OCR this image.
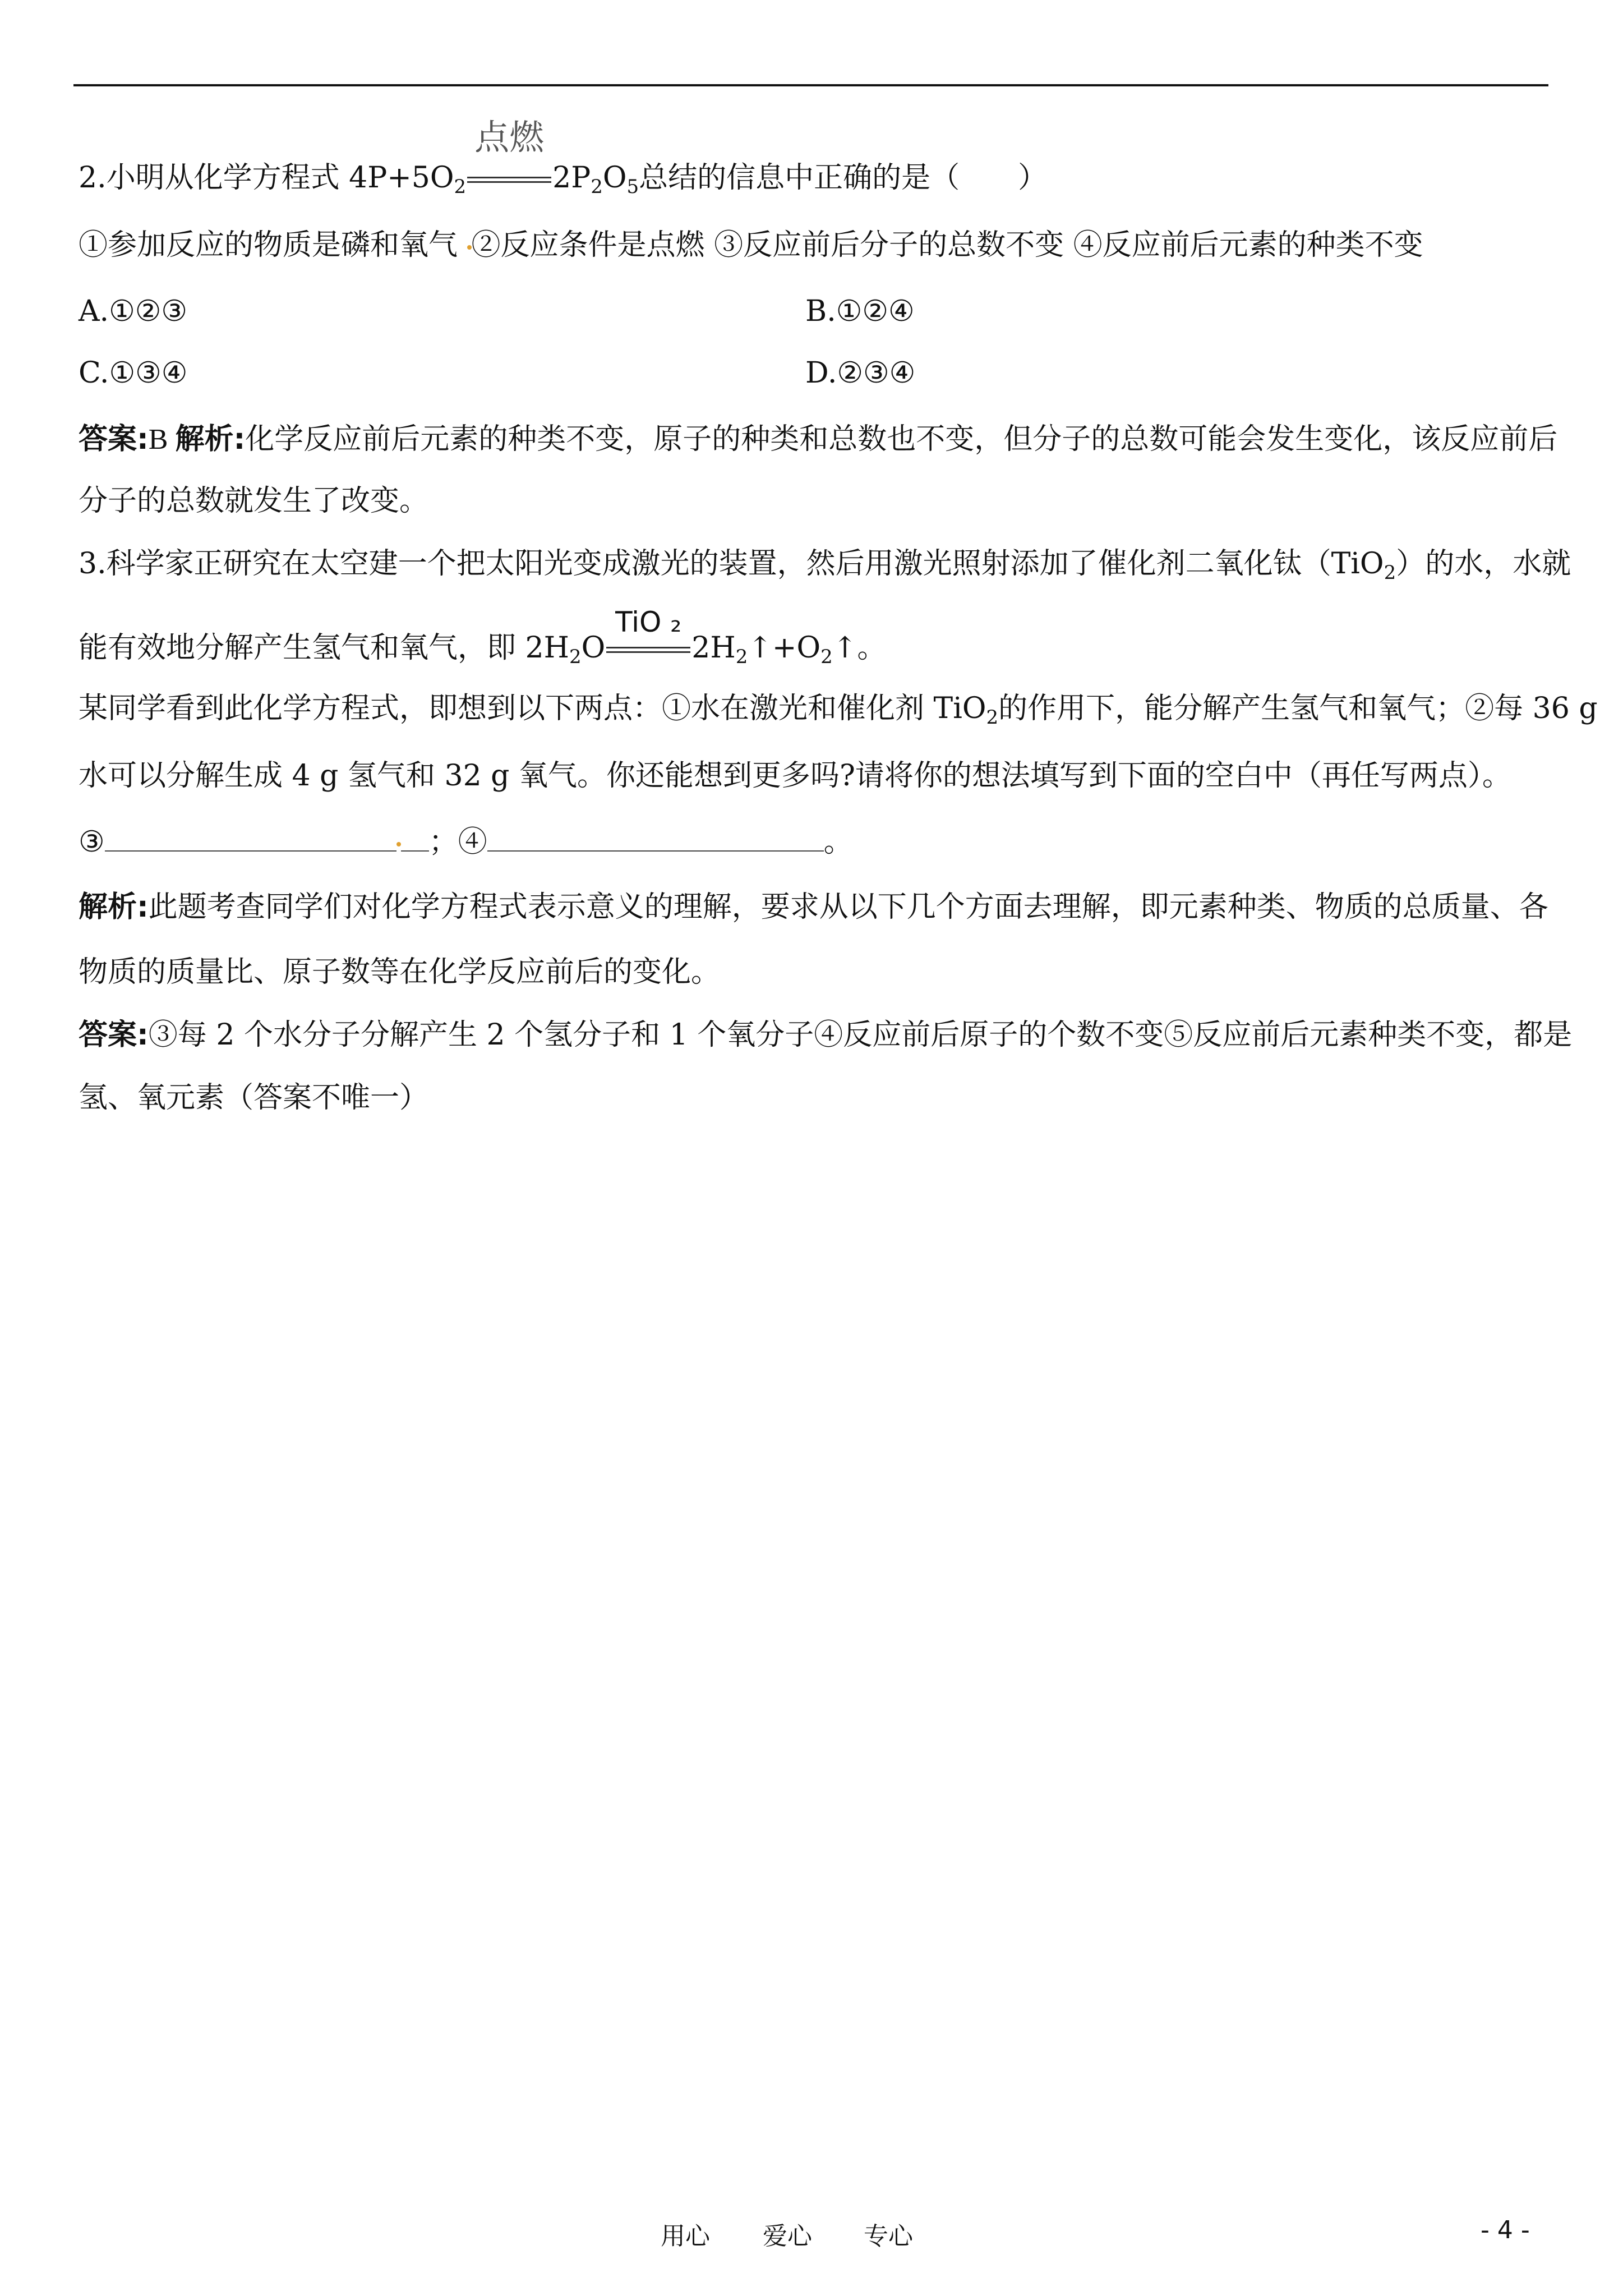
2.小明从化学方程式 $4P+5O_2$
点燃
$2P_2O_5$总结的信息中正确的是（　　）
①参加反应的物质是磷和氧气 ②反应条件是点燃 ③反应前后分子的总数不变 ④反应前后元素的种类不变
A.①②③	B.①②④
C.①③④	D.②③④
答案:B 解析:化学反应前后元素的种类不变，原子的种类和总数也不变，但分子的总数可能会发生变化，该反应前后
分子的总数就发生了改变。
3.科学家正研究在太空建一个把太阳光变成激光的装置，然后用激光照射添加了催化剂二氧化钛（TiO$_2$）的水，水就
能有效地分解产生氢气和氧气，即 $2H_2O$
TiO ₂
$2H_2↑+O_2↑$。
某同学看到此化学方程式，即想到以下两点：①水在激光和催化剂 TiO$_2$的作用下，能分解产生氢气和氧气；②每 36 g
水可以分解生成 4 g 氢气和 32 g 氧气。你还能想到更多吗?请将你的想法填写到下面的空白中（再任写两点）。
③	；④	。
解析:此题考查同学们对化学方程式表示意义的理解，要求从以下几个方面去理解，即元素种类、物质的总质量、各
物质的质量比、原子数等在化学反应前后的变化。
答案:③每 2 个水分子分解产生 2 个氢分子和 1 个氧分子④反应前后原子的个数不变⑤反应前后元素种类不变，都是
氢、氧元素（答案不唯一）
用心 爱心 专心	- 4 -
